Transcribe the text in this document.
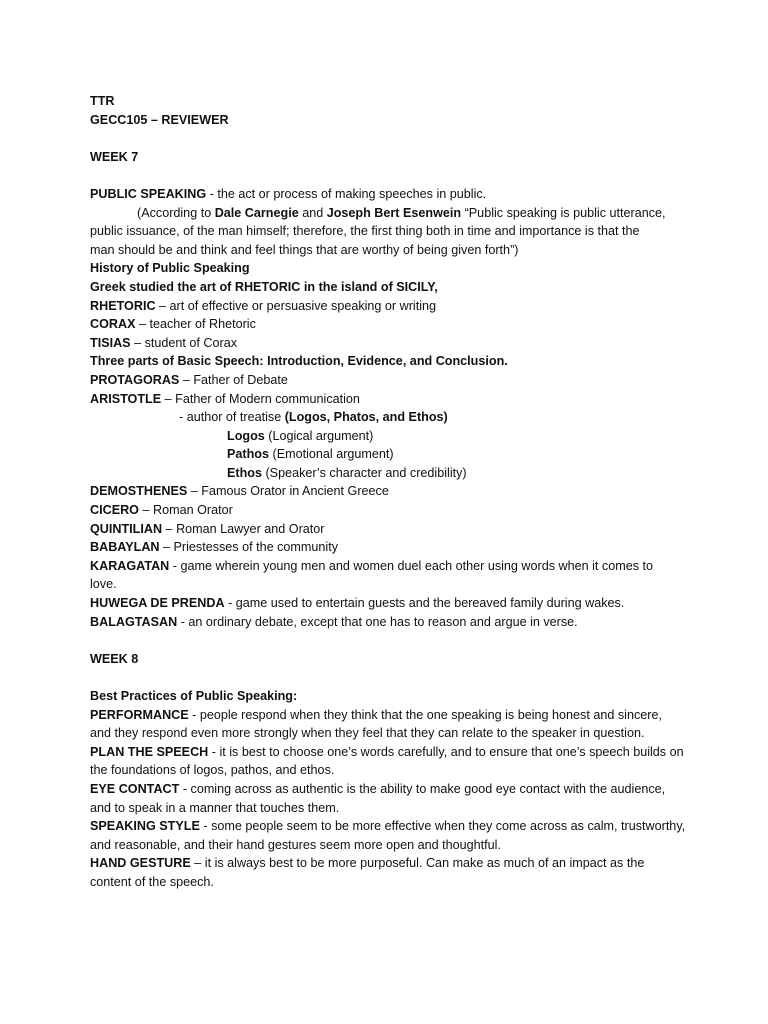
TTR
GECC105 – REVIEWER
WEEK 7
PUBLIC SPEAKING - the act or process of making speeches in public.
(According to Dale Carnegie and Joseph Bert Esenwein “Public speaking is public utterance,
public issuance, of the man himself; therefore, the first thing both in time and importance is that the
man should be and think and feel things that are worthy of being given forth”)
History of Public Speaking
Greek studied the art of RHETORIC in the island of SICILY,
RHETORIC – art of effective or persuasive speaking or writing
CORAX – teacher of Rhetoric
TISIAS – student of Corax
Three parts of Basic Speech: Introduction, Evidence, and Conclusion.
PROTAGORAS – Father of Debate
ARISTOTLE – Father of Modern communication
- author of treatise (Logos, Phatos, and Ethos)
Logos (Logical argument)
Pathos (Emotional argument)
Ethos (Speaker’s character and credibility)
DEMOSTHENES – Famous Orator in Ancient Greece
CICERO – Roman Orator
QUINTILIAN – Roman Lawyer and Orator
BABAYLAN – Priestesses of the community
KARAGATAN - game wherein young men and women duel each other using words when it comes to
love.
HUWEGA DE PRENDA - game used to entertain guests and the bereaved family during wakes.
BALAGTASAN - an ordinary debate, except that one has to reason and argue in verse.
WEEK 8
Best Practices of Public Speaking:
PERFORMANCE - people respond when they think that the one speaking is being honest and sincere,
and they respond even more strongly when they feel that they can relate to the speaker in question.
PLAN THE SPEECH - it is best to choose one’s words carefully, and to ensure that one’s speech builds on
the foundations of logos, pathos, and ethos.
EYE CONTACT - coming across as authentic is the ability to make good eye contact with the audience,
and to speak in a manner that touches them.
SPEAKING STYLE - some people seem to be more effective when they come across as calm, trustworthy,
and reasonable, and their hand gestures seem more open and thoughtful.
HAND GESTURE – it is always best to be more purposeful. Can make as much of an impact as the
content of the speech.
